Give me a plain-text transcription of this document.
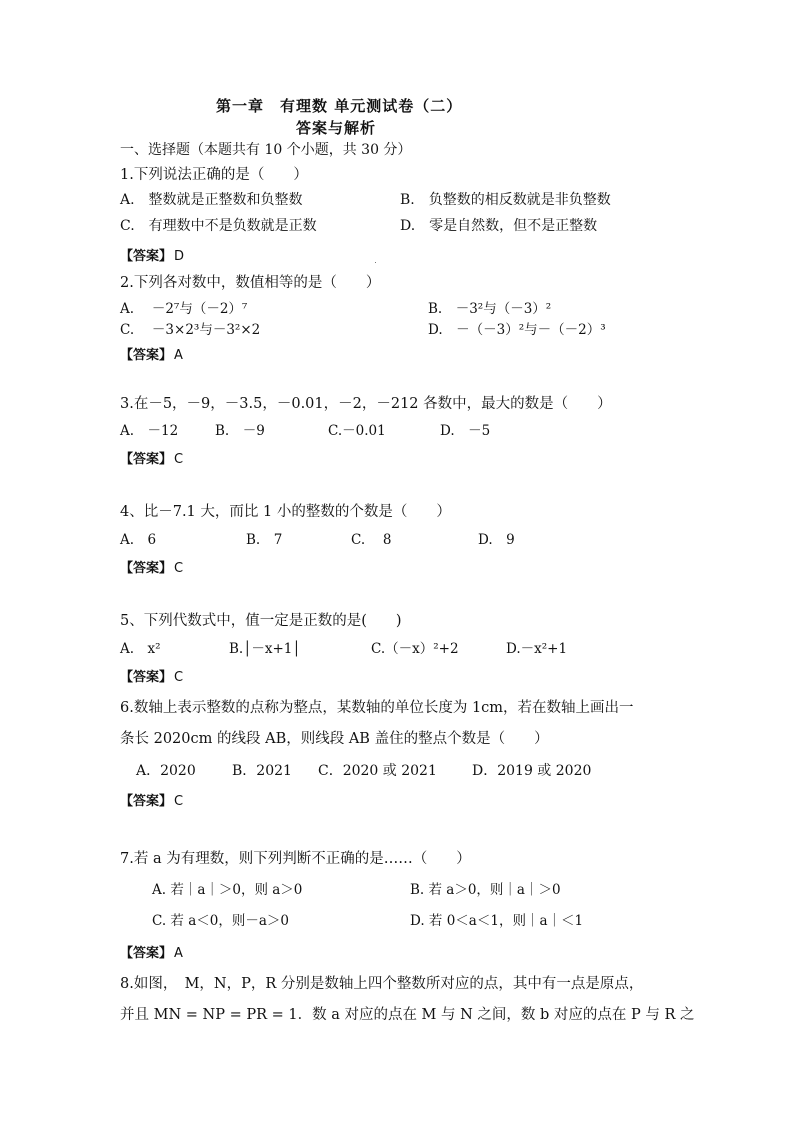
第一章　有理数 单元测试卷（二）
答案与解析
一、选择题（本题共有 10 个小题，共 30 分）
1.下列说法正确的是（　　）
A.　整数就是正整数和负整数	B.　负整数的相反数就是非负整数
C.　有理数中不是负数就是正数	D.　零是自然数，但不是正整数
【答案】 D
2.下列各对数中，数值相等的是（　　）
A.　 －2⁷与（－2）⁷	B.　－3²与（－3）²
C.　 －3×2³与－3²×2	D.　－（－3）²与－（－2）³
【答案】 A
3.在－5，－9，－3.5，－0.01，－2，－212 各数中，最大的数是（　　）
A.　－12	B.　－9	C.－0.01	D.　－5
【答案】 C
4、比－7.1 大，而比 1 小的整数的个数是（　　）
A.　6	B.　7	C.　 8	D.　9
【答案】 C
5、下列代数式中，值一定是正数的是(　　)
A.　x²	B.│－x+1│	C.（－x）²+2	D.－x²+1
【答案】 C
6.数轴上表示整数的点称为整点，某数轴的单位长度为 1cm，若在数轴上画出一
条长 2020cm 的线段 AB，则线段 AB 盖住的整点个数是（　　）
A．2020	B．2021 C．2020 或 2021	D．2019 或 2020
【答案】 C
7.若 a 为有理数，则下列判断不正确的是……（　　）
A. 若｜a｜＞0，则 a＞0	B. 若 a＞0，则｜a｜＞0
C. 若 a＜0，则－a＞0	D. 若 0＜a＜1，则｜a｜＜1
【答案】 A
8.如图，　M，N，P，R 分别是数轴上四个整数所对应的点，其中有一点是原点，
并且 MN = NP = PR = 1．数 a 对应的点在 M 与 N 之间，数 b 对应的点在 P 与 R 之
